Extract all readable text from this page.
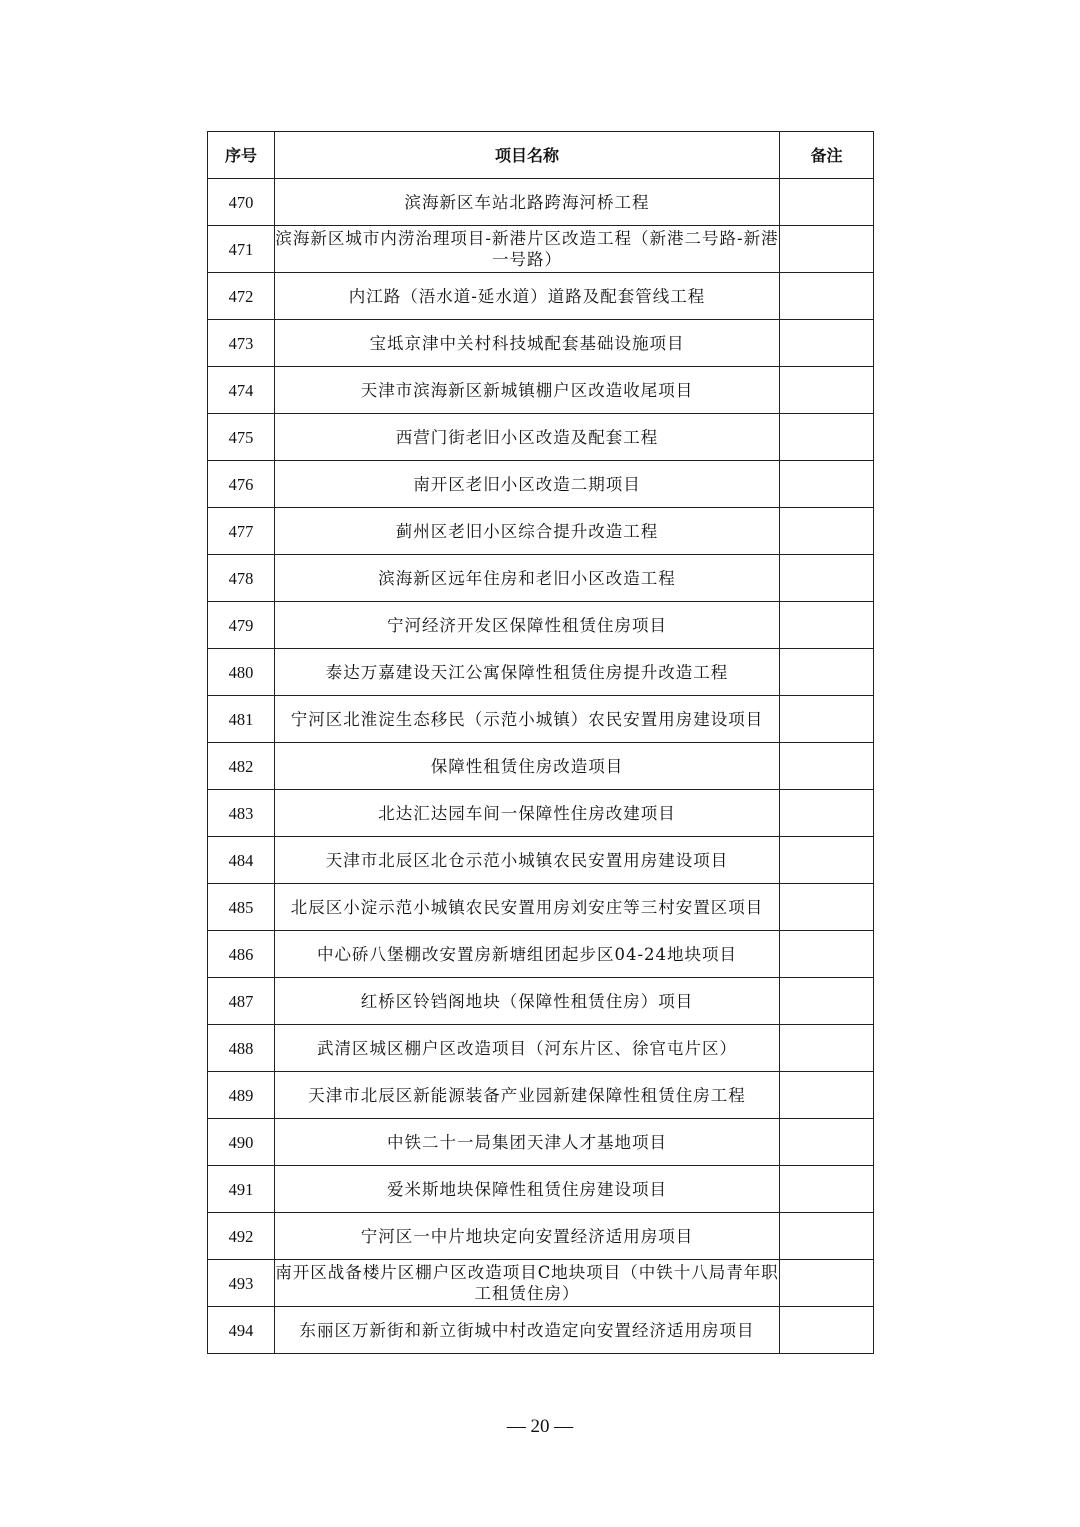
序号	项目名称	备注
470	滨海新区车站北路跨海河桥工程	
471	滨海新区城市内涝治理项目-新港片区改造工程（新港二号路-新港一号路）	
472	内江路（浯水道-延水道）道路及配套管线工程	
473	宝坻京津中关村科技城配套基础设施项目	
474	天津市滨海新区新城镇棚户区改造收尾项目	
475	西营门街老旧小区改造及配套工程	
476	南开区老旧小区改造二期项目	
477	蓟州区老旧小区综合提升改造工程	
478	滨海新区远年住房和老旧小区改造工程	
479	宁河经济开发区保障性租赁住房项目	
480	泰达万嘉建设天江公寓保障性租赁住房提升改造工程	
481	宁河区北淮淀生态移民（示范小城镇）农民安置用房建设项目	
482	保障性租赁住房改造项目	
483	北达汇达园车间一保障性住房改建项目	
484	天津市北辰区北仓示范小城镇农民安置用房建设项目	
485	北辰区小淀示范小城镇农民安置用房刘安庄等三村安置区项目	
486	中心硚八堡棚改安置房新塘组团起步区04-24地块项目	
487	红桥区铃铛阁地块（保障性租赁住房）项目	
488	武清区城区棚户区改造项目（河东片区、徐官屯片区）	
489	天津市北辰区新能源装备产业园新建保障性租赁住房工程	
490	中铁二十一局集团天津人才基地项目	
491	爱米斯地块保障性租赁住房建设项目	
492	宁河区一中片地块定向安置经济适用房项目	
493	南开区战备楼片区棚户区改造项目C地块项目（中铁十八局青年职工租赁住房）	
494	东丽区万新街和新立街城中村改造定向安置经济适用房项目	
— 20 —
